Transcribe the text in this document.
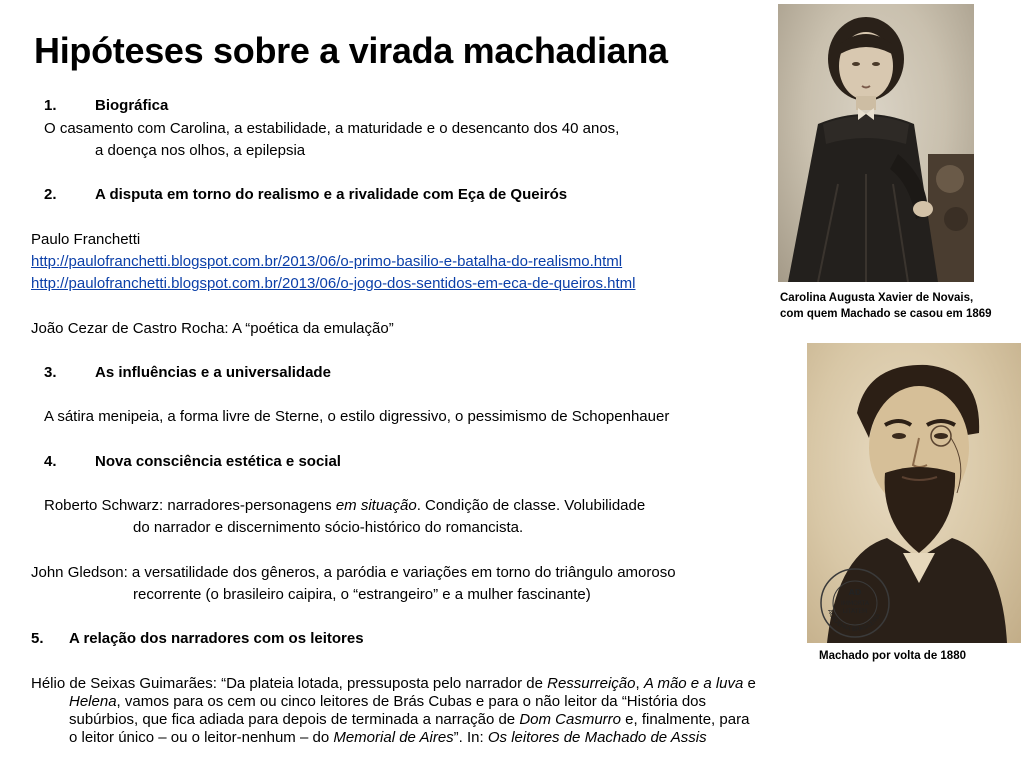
Hipóteses sobre a virada machadiana
1.	Biográfica
O casamento com Carolina, a estabilidade, a maturidade e o desencanto dos 40 anos,
a doença nos olhos, a epilepsia
2.	A disputa em torno do realismo e a rivalidade com Eça de Queirós
Paulo Franchetti
http://paulofranchetti.blogspot.com.br/2013/06/o-primo-basilio-e-batalha-do-realismo.html
http://paulofranchetti.blogspot.com.br/2013/06/o-jogo-dos-sentidos-em-eca-de-queiros.html
João Cezar de Castro Rocha: A “poética da emulação”
3.	As influências e a universalidade
A sátira menipeia, a forma livre de Sterne, o estilo digressivo, o pessimismo de Schopenhauer
4.	Nova consciência estética e social
Roberto Schwarz: narradores-personagens em situação. Condição de classe. Volubilidade
do narrador e discernimento sócio-histórico do romancista.
John Gledson: a versatilidade dos gêneros, a paródia e variações em torno do triângulo amoroso
recorrente (o brasileiro caipira, o “estrangeiro” e a mulher fascinante)
5. A relação dos narradores com os leitores
Hélio de Seixas Guimarães: “Da plateia lotada, pressuposta pelo narrador de Ressurreição, A mão e a luva e
Helena, vamos para os cem ou cinco leitores de Brás Cubas e para o não leitor da “História dos
subúrbios, que fica adiada para depois de terminada a narração de Dom Casmurro e, finalmente, para
o leitor único – ou o leitor-nenhum – do Memorial de Aires”. In: Os leitores de Machado de Assis
Carolina Augusta Xavier de Novais,
com quem Machado se casou em 1869
AD
IMMORTA
LITATEM
ACADEMIA BRASILEIRA
Machado por volta de 1880
